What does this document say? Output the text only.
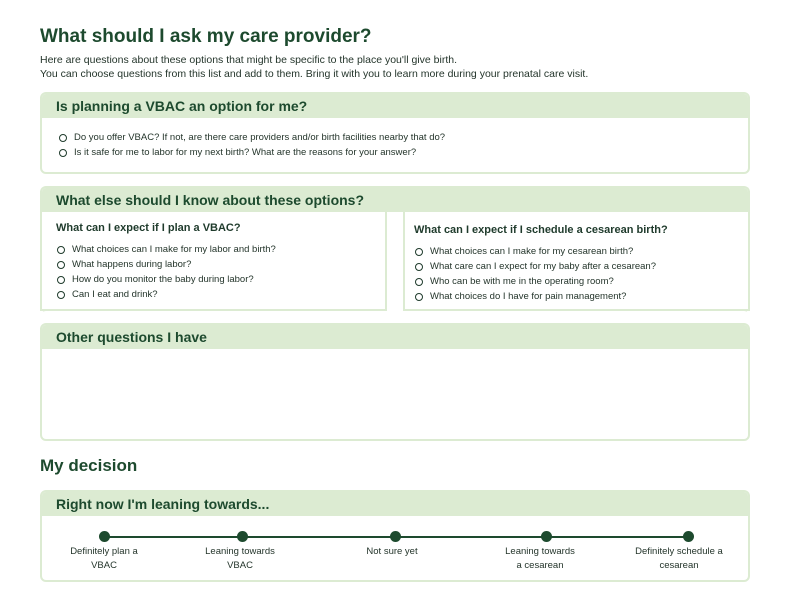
What should I ask my care provider?
Here are questions about these options that might be specific to the place you'll give birth.
You can choose questions from this list and add to them. Bring it with you to learn more during your prenatal care visit.
Is planning a VBAC an option for me?
Do you offer VBAC? If not, are there care providers and/or birth facilities nearby that do?
Is it safe for me to labor for my next birth? What are the reasons for your answer?
What else should I know about these options?
What can I expect if I plan a VBAC?
What choices can I make for my labor and birth?
What happens during labor?
How do you monitor the baby during labor?
Can I eat and drink?
What can I expect if I schedule a cesarean birth?
What choices can I make for my cesarean birth?
What care can I expect for my baby after a cesarean?
Who can be with me in the operating room?
What choices do I have for pain management?
Other questions I have
My decision
Right now I'm leaning towards...
Definitely plan a
VBAC
Leaning towards
VBAC
Not sure yet	Leaning towards
a cesarean
Definitely schedule a
cesarean
